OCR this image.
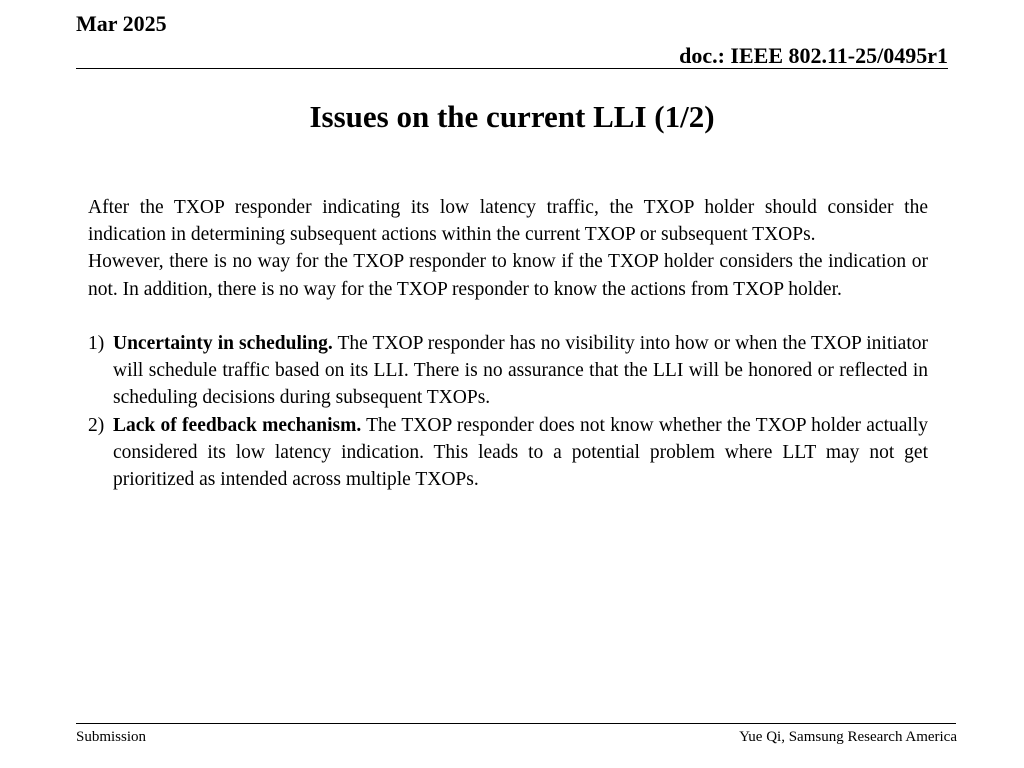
Mar 2025
doc.: IEEE 802.11-25/0495r1
Issues on the current LLI (1/2)

After the TXOP responder indicating its low latency traffic, the TXOP holder should consider the indication in determining subsequent actions within the current TXOP or subsequent TXOPs.

However, there is no way for the TXOP responder to know if the TXOP holder considers the indication or not. In addition, there is no way for the TXOP responder to know the actions from TXOP holder.

1) Uncertainty in scheduling. The TXOP responder has no visibility into how or when the TXOP initiator will schedule traffic based on its LLI. There is no assurance that the LLI will be honored or reflected in scheduling decisions during subsequent TXOPs.
2) Lack of feedback mechanism. The TXOP responder does not know whether the TXOP holder actually considered its low latency indication. This leads to a potential problem where LLT may not get prioritized as intended across multiple TXOPs.
Submission	Yue Qi, Samsung Research America
